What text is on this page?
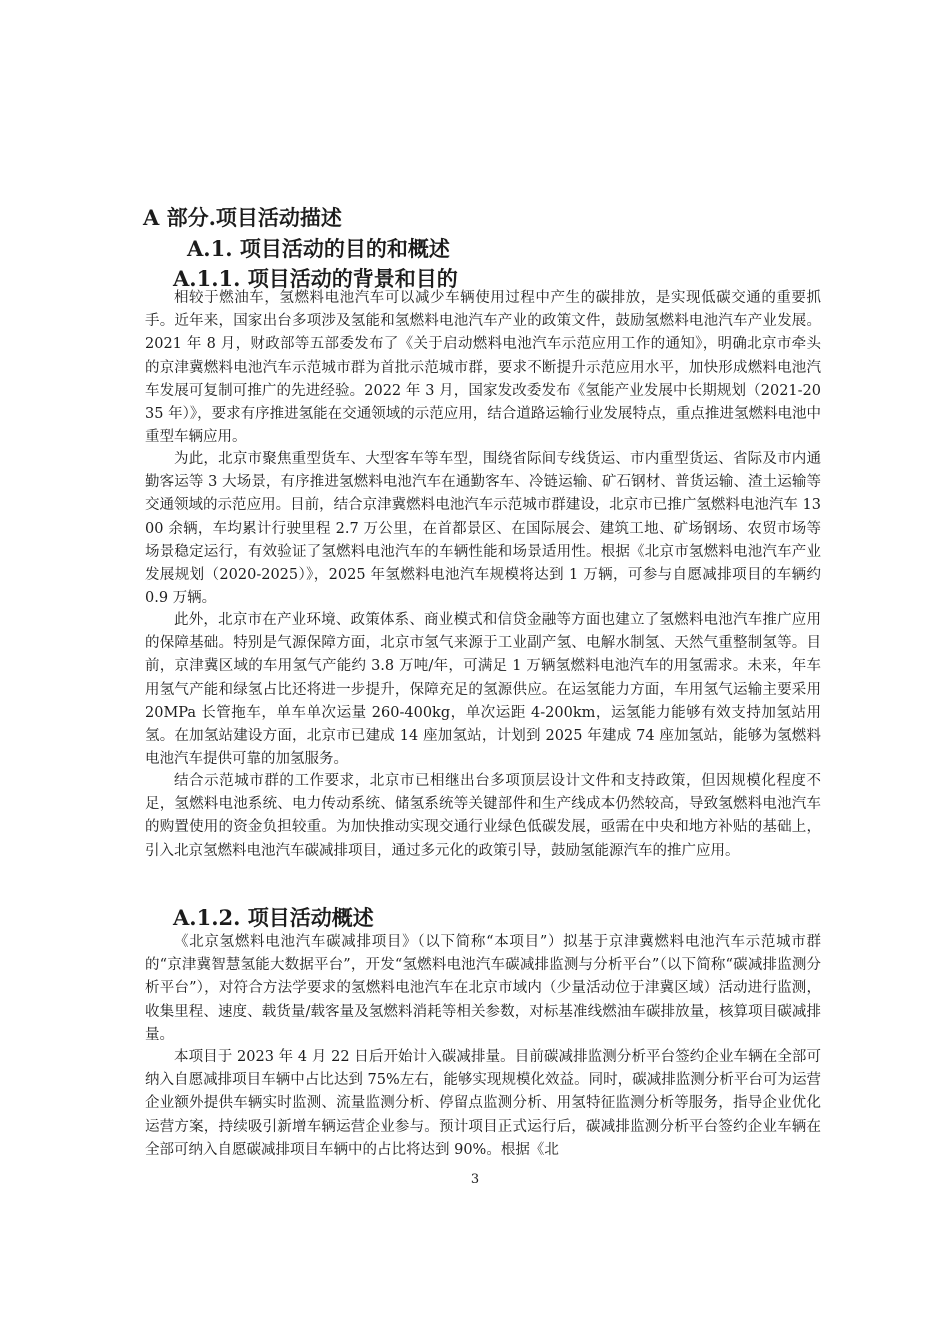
A 部分.项目活动描述
A.1. 项目活动的目的和概述
A.1.1. 项目活动的背景和目的

相较于燃油车，氢燃料电池汽车可以减少车辆使用过程中产生的碳排放，是实现低碳交通的重要抓手。近年来，国家出台多项涉及氢能和氢燃料电池汽车产业的政策文件，鼓励氢燃料电池汽车产业发展。2021 年 8 月，财政部等五部委发布了《关于启动燃料电池汽车示范应用工作的通知》，明确北京市牵头的京津冀燃料电池汽车示范城市群为首批示范城市群，要求不断提升示范应用水平，加快形成燃料电池汽车发展可复制可推广的先进经验。2022 年 3 月，国家发改委发布《氢能产业发展中长期规划（2021-2035 年）》，要求有序推进氢能在交通领域的示范应用，结合道路运输行业发展特点，重点推进氢燃料电池中重型车辆应用。

为此，北京市聚焦重型货车、大型客车等车型，围绕省际间专线货运、市内重型货运、省际及市内通勤客运等 3 大场景，有序推进氢燃料电池汽车在通勤客车、冷链运输、矿石钢材、普货运输、渣土运输等交通领域的示范应用。目前，结合京津冀燃料电池汽车示范城市群建设，北京市已推广氢燃料电池汽车 1300 余辆，车均累计行驶里程 2.7 万公里，在首都景区、在国际展会、建筑工地、矿场钢场、农贸市场等场景稳定运行，有效验证了氢燃料电池汽车的车辆性能和场景适用性。根据《北京市氢燃料电池汽车产业发展规划（2020-2025）》，2025 年氢燃料电池汽车规模将达到 1 万辆，可参与自愿减排项目的车辆约 0.9 万辆。

此外，北京市在产业环境、政策体系、商业模式和信贷金融等方面也建立了氢燃料电池汽车推广应用的保障基础。特别是气源保障方面，北京市氢气来源于工业副产氢、电解水制氢、天然气重整制氢等。目前，京津冀区域的车用氢气产能约 3.8 万吨/年，可满足 1 万辆氢燃料电池汽车的用氢需求。未来，年车用氢气产能和绿氢占比还将进一步提升，保障充足的氢源供应。在运氢能力方面，车用氢气运输主要采用 20MPa 长管拖车，单车单次运量 260-400kg，单次运距 4-200km，运氢能力能够有效支持加氢站用氢。在加氢站建设方面，北京市已建成 14 座加氢站，计划到 2025 年建成 74 座加氢站，能够为氢燃料电池汽车提供可靠的加氢服务。

结合示范城市群的工作要求，北京市已相继出台多项顶层设计文件和支持政策，但因规模化程度不足，氢燃料电池系统、电力传动系统、储氢系统等关键部件和生产线成本仍然较高，导致氢燃料电池汽车的购置使用的资金负担较重。为加快推动实现交通行业绿色低碳发展，亟需在中央和地方补贴的基础上，引入北京氢燃料电池汽车碳减排项目，通过多元化的政策引导，鼓励氢能源汽车的推广应用。

A.1.2. 项目活动概述

《北京氢燃料电池汽车碳减排项目》（以下简称“本项目”）拟基于京津冀燃料电池汽车示范城市群的“京津冀智慧氢能大数据平台”，开发“氢燃料电池汽车碳减排监测与分析平台”（以下简称“碳减排监测分析平台”），对符合方法学要求的氢燃料电池汽车在北京市域内（少量活动位于津冀区域）活动进行监测，收集里程、速度、载货量/载客量及氢燃料消耗等相关参数，对标基准线燃油车碳排放量，核算项目碳减排量。

本项目于 2023 年 4 月 22 日后开始计入碳减排量。目前碳减排监测分析平台签约企业车辆在全部可纳入自愿减排项目车辆中占比达到 75%左右，能够实现规模化效益。同时，碳减排监测分析平台可为运营企业额外提供车辆实时监测、流量监测分析、停留点监测分析、用氢特征监测分析等服务，指导企业优化运营方案，持续吸引新增车辆运营企业参与。预计项目正式运行后，碳减排监测分析平台签约企业车辆在全部可纳入自愿碳减排项目车辆中的占比将达到 90%。根据《北

3
